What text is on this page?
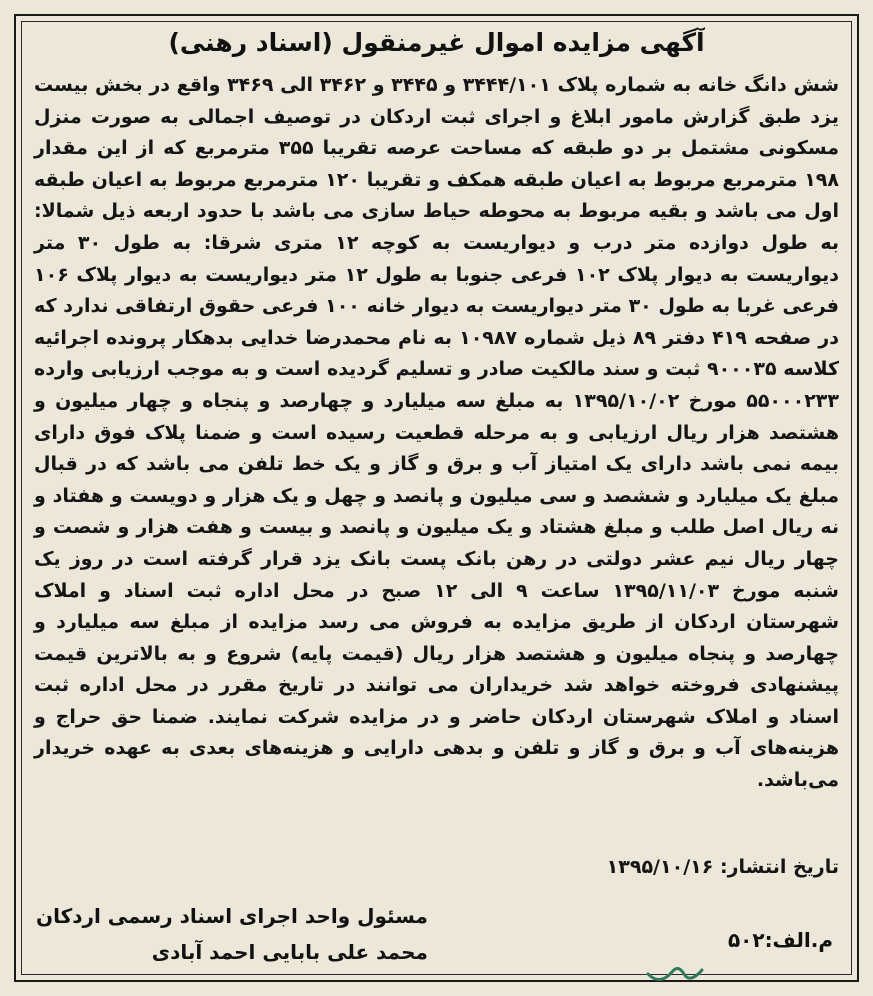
آگهی مزایده اموال غیرمنقول (اسناد رهنی)

شش دانگ خانه به شماره پلاک ۳۴۴۴/۱۰۱ و ۳۴۴۵ و ۳۴۶۲ الی ۳۴۶۹ واقع در بخش بیست یزد طبق گزارش مامور ابلاغ و اجرای ثبت اردکان در توصیف اجمالی به صورت منزل مسکونی مشتمل بر دو طبقه که مساحت عرصه تقریبا ۳۵۵ مترمربع که از این مقدار ۱۹۸ مترمربع مربوط به اعیان طبقه همکف و تقریبا ۱۲۰ مترمربع مربوط به اعیان طبقه اول می باشد و بقیه مربوط به محوطه حیاط سازی می باشد با حدود اربعه ذیل شمالا: به طول دوازده متر درب و دیواریست به کوچه ۱۲ متری شرقا: به طول ۳۰ متر دیواریست به دیوار پلاک ۱۰۲ فرعی جنوبا به طول ۱۲ متر دیواریست به دیوار پلاک ۱۰۶ فرعی غربا به طول ۳۰ متر دیواریست به دیوار خانه ۱۰۰ فرعی حقوق ارتفاقی ندارد که در صفحه ۴۱۹ دفتر ۸۹ ذیل شماره ۱۰۹۸۷ به نام محمدرضا خدایی بدهکار پرونده اجرائیه کلاسه ۹۰۰۰۳۵ ثبت و سند مالکیت صادر و تسلیم گردیده است و به موجب ارزیابی وارده ۵۵۰۰۰۲۳۳ مورخ ۱۳۹۵/۱۰/۰۲ به مبلغ سه میلیارد و چهارصد و پنجاه و چهار میلیون و هشتصد هزار ریال ارزیابی و به مرحله قطعیت رسیده است و ضمنا پلاک فوق دارای بیمه نمی باشد دارای یک امتیاز آب و برق و گاز و یک خط تلفن می باشد که در قبال مبلغ یک میلیارد و ششصد و سی میلیون و پانصد و چهل و یک هزار و دویست و هفتاد و نه ریال اصل طلب و مبلغ هشتاد و یک میلیون و پانصد و بیست و هفت هزار و شصت و چهار ریال نیم عشر دولتی در رهن بانک پست بانک یزد قرار گرفته است در روز یک شنبه مورخ ۱۳۹۵/۱۱/۰۳ ساعت ۹ الی ۱۲ صبح در محل اداره ثبت اسناد و املاک شهرستان اردکان از طریق مزایده به فروش می رسد مزایده از مبلغ سه میلیارد و چهارصد و پنجاه میلیون و هشتصد هزار ریال (قیمت پایه) شروع و به بالاترین قیمت پیشنهادی فروخته خواهد شد خریداران می توانند در تاریخ مقرر در محل اداره ثبت اسناد و املاک شهرستان اردکان حاضر و در مزایده شرکت نمایند. ضمنا حق حراج و هزینه‌های آب و برق و گاز و تلفن و بدهی دارایی و هزینه‌های بعدی به عهده خریدار می‌باشد.

تاریخ انتشار: ۱۳۹۵/۱۰/۱۶
مسئول واحد اجرای اسناد رسمی اردکان
محمد علی بابایی احمد آبادی	م.الف:۵۰۲
